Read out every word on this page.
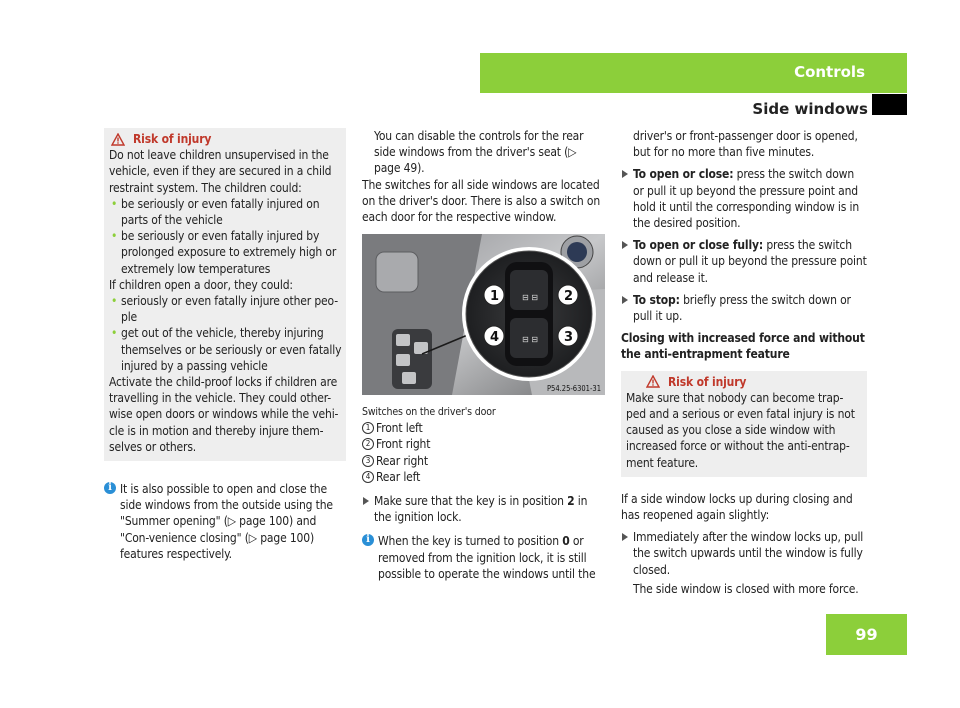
Controls
Side windows
99
Risk of injury

Do not leave children unsupervised in the vehicle, even if they are secured in a child restraint system. The children could:

• be seriously or even fatally injured on parts of the vehicle

• be seriously or even fatally injured by prolonged exposure to extremely high or extremely low temperatures

If children open a door, they could:

• seriously or even fatally injure other peo-ple

• get out of the vehicle, thereby injuring themselves or be seriously or even fatally injured by a passing vehicle

Activate the child-proof locks if children are travelling in the vehicle. They could other-wise open doors or windows while the vehi-cle is in motion and thereby injure them-selves or others.

i It is also possible to open and close the side windows from the outside using the "Summer opening" (▷ page 100) and "Con-venience closing" (▷ page 100) features respectively.

You can disable the controls for the rear side windows from the driver's seat (▷ page 49).

The switches for all side windows are located on the driver's door. There is also a switch on each door for the respective window.

⊟ ⊟
⊟ ⊟
1	2
4	3
P54.25-6301-31

Switches on the driver's door

1 Front left

2 Front right

3 Rear right

4 Rear left

Make sure that the key is in position 2 in the ignition lock.

i When the key is turned to position 0 or removed from the ignition lock, it is still possible to operate the windows until the

driver's or front-passenger door is opened, but for no more than five minutes.

To open or close: press the switch down or pull it up beyond the pressure point and hold it until the corresponding window is in the desired position.

To open or close fully: press the switch down or pull it up beyond the pressure point and release it.

To stop: briefly press the switch down or pull it up.

Closing with increased force and without the anti-entrapment feature

Risk of injury

Make sure that nobody can become trap-ped and a serious or even fatal injury is not caused as you close a side window with increased force or without the anti-entrap-ment feature.

If a side window locks up during closing and has reopened again slightly:

Immediately after the window locks up, pull the switch upwards until the window is fully closed.

The side window is closed with more force.
